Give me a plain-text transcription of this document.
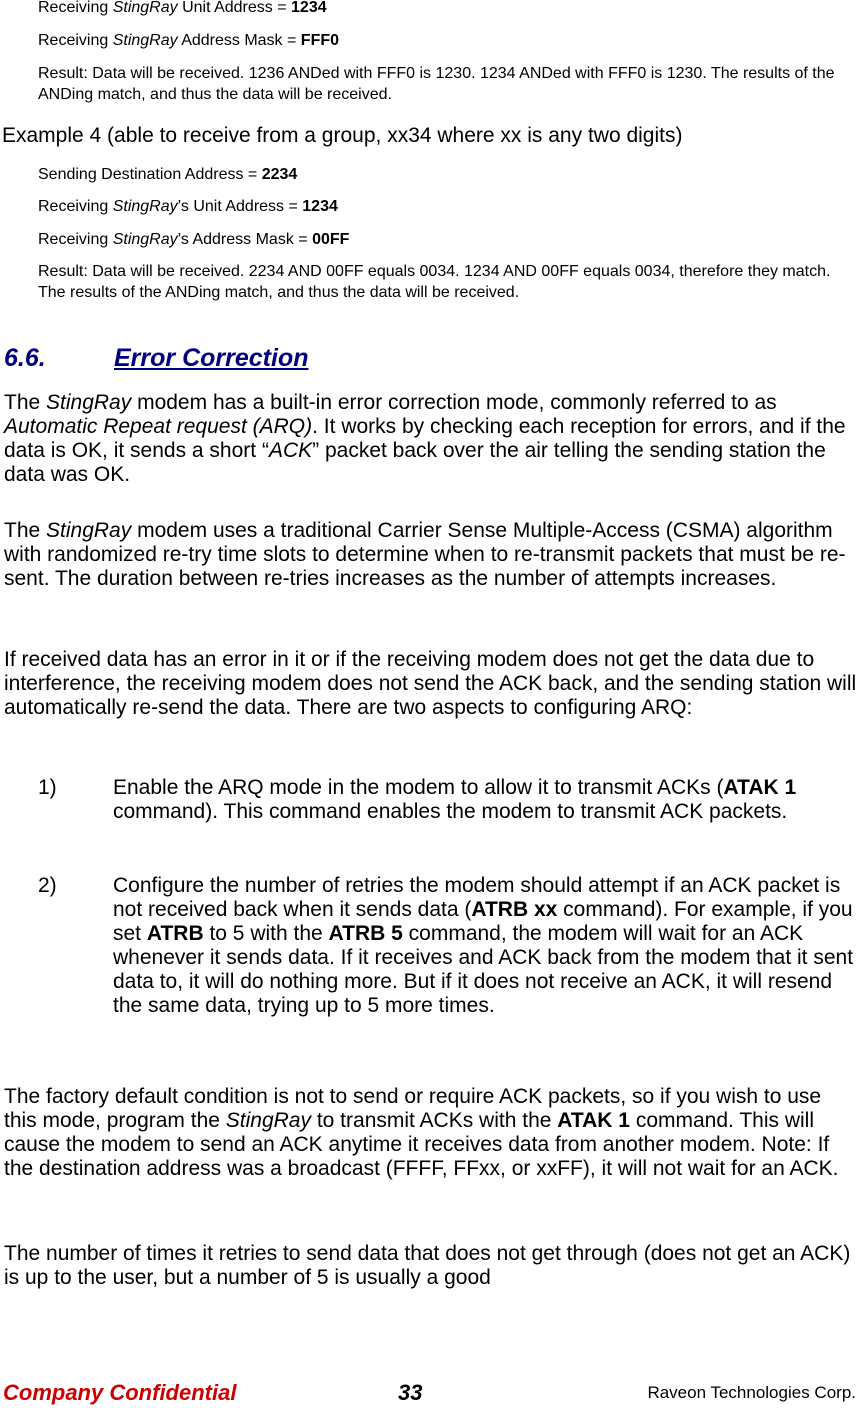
Receiving StingRay Unit Address = 1234
Receiving StingRay Address Mask = FFF0
Result: Data will be received. 1236 ANDed with FFF0 is 1230. 1234 ANDed with FFF0 is 1230. The results of the ANDing match, and thus the data will be received.
Example 4 (able to receive from a group, xx34 where xx is any two digits)
Sending Destination Address = 2234
Receiving StingRay’s Unit Address = 1234
Receiving StingRay’s Address Mask = 00FF
Result: Data will be received. 2234 AND 00FF equals 0034. 1234 AND 00FF equals 0034, therefore they match. The results of the ANDing match, and thus the data will be received.
6.6.	Error Correction
The StingRay modem has a built-in error correction mode, commonly referred to as Automatic Repeat request (ARQ). It works by checking each reception for errors, and if the data is OK, it sends a short “ACK” packet back over the air telling the sending station the data was OK.
The StingRay modem uses a traditional Carrier Sense Multiple-Access (CSMA) algorithm with randomized re-try time slots to determine when to re-transmit packets that must be re-sent. The duration between re-tries increases as the number of attempts increases.
If received data has an error in it or if the receiving modem does not get the data due to interference, the receiving modem does not send the ACK back, and the sending station will automatically re-send the data. There are two aspects to configuring ARQ:
1)	Enable the ARQ mode in the modem to allow it to transmit ACKs (ATAK 1 command). This command enables the modem to transmit ACK packets.
2)	Configure the number of retries the modem should attempt if an ACK packet is not received back when it sends data (ATRB xx command). For example, if you set ATRB to 5 with the ATRB 5 command, the modem will wait for an ACK whenever it sends data. If it receives and ACK back from the modem that it sent data to, it will do nothing more. But if it does not receive an ACK, it will resend the same data, trying up to 5 more times.
The factory default condition is not to send or require ACK packets, so if you wish to use this mode, program the StingRay to transmit ACKs with the ATAK 1 command. This will cause the modem to send an ACK anytime it receives data from another modem. Note: If the destination address was a broadcast (FFFF, FFxx, or xxFF), it will not wait for an ACK.
The number of times it retries to send data that does not get through (does not get an ACK) is up to the user, but a number of 5 is usually a good
Company Confidential	33	Raveon Technologies Corp.
